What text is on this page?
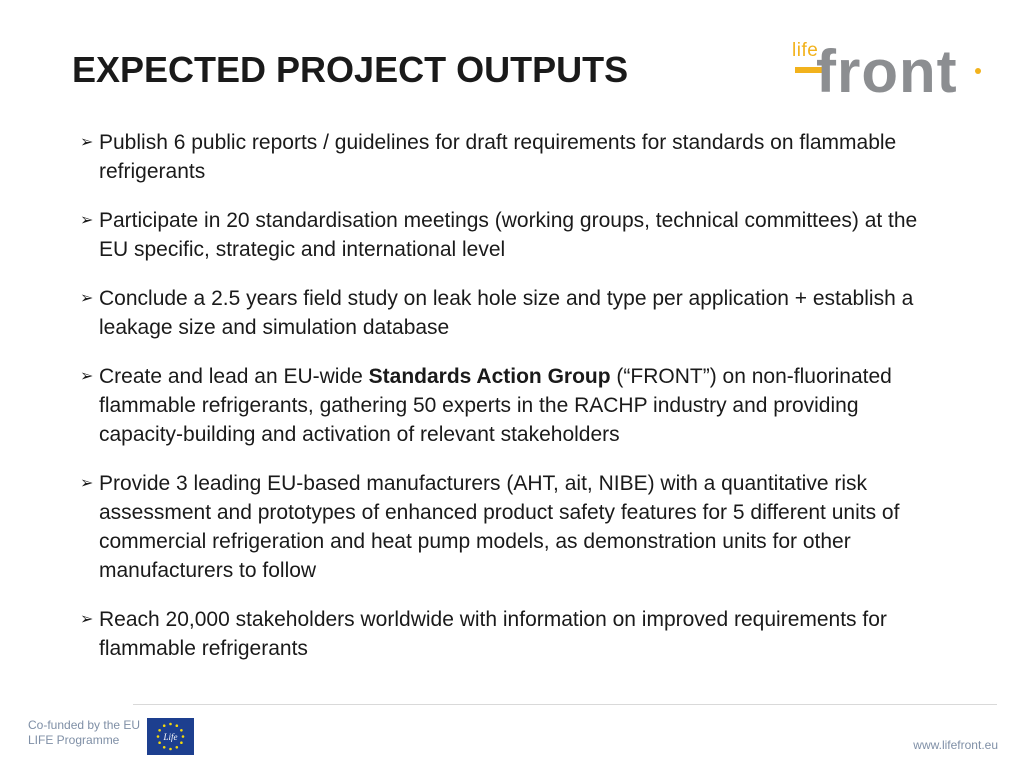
EXPECTED PROJECT OUTPUTS	life
front
➢ Publish 6 public reports / guidelines for draft requirements for standards on flammable refrigerants
➢ Participate in 20 standardisation meetings (working groups, technical committees) at the EU specific, strategic and international level
➢ Conclude a 2.5 years field study on leak hole size and type per application + establish a leakage size and simulation database
➢ Create and lead an EU-wide Standards Action Group (“FRONT”) on non-fluorinated flammable refrigerants, gathering 50 experts in the RACHP industry and providing capacity-building and activation of relevant stakeholders
➢ Provide 3 leading EU-based manufacturers (AHT, ait, NIBE) with a quantitative risk assessment and prototypes of enhanced product safety features for 5 different units of commercial refrigeration and heat pump models, as demonstration units for other manufacturers to follow
➢ Reach 20,000 stakeholders worldwide with information on improved requirements for flammable refrigerants
Co-funded by the EU
LIFE Programme	Life
www.lifefront.eu
